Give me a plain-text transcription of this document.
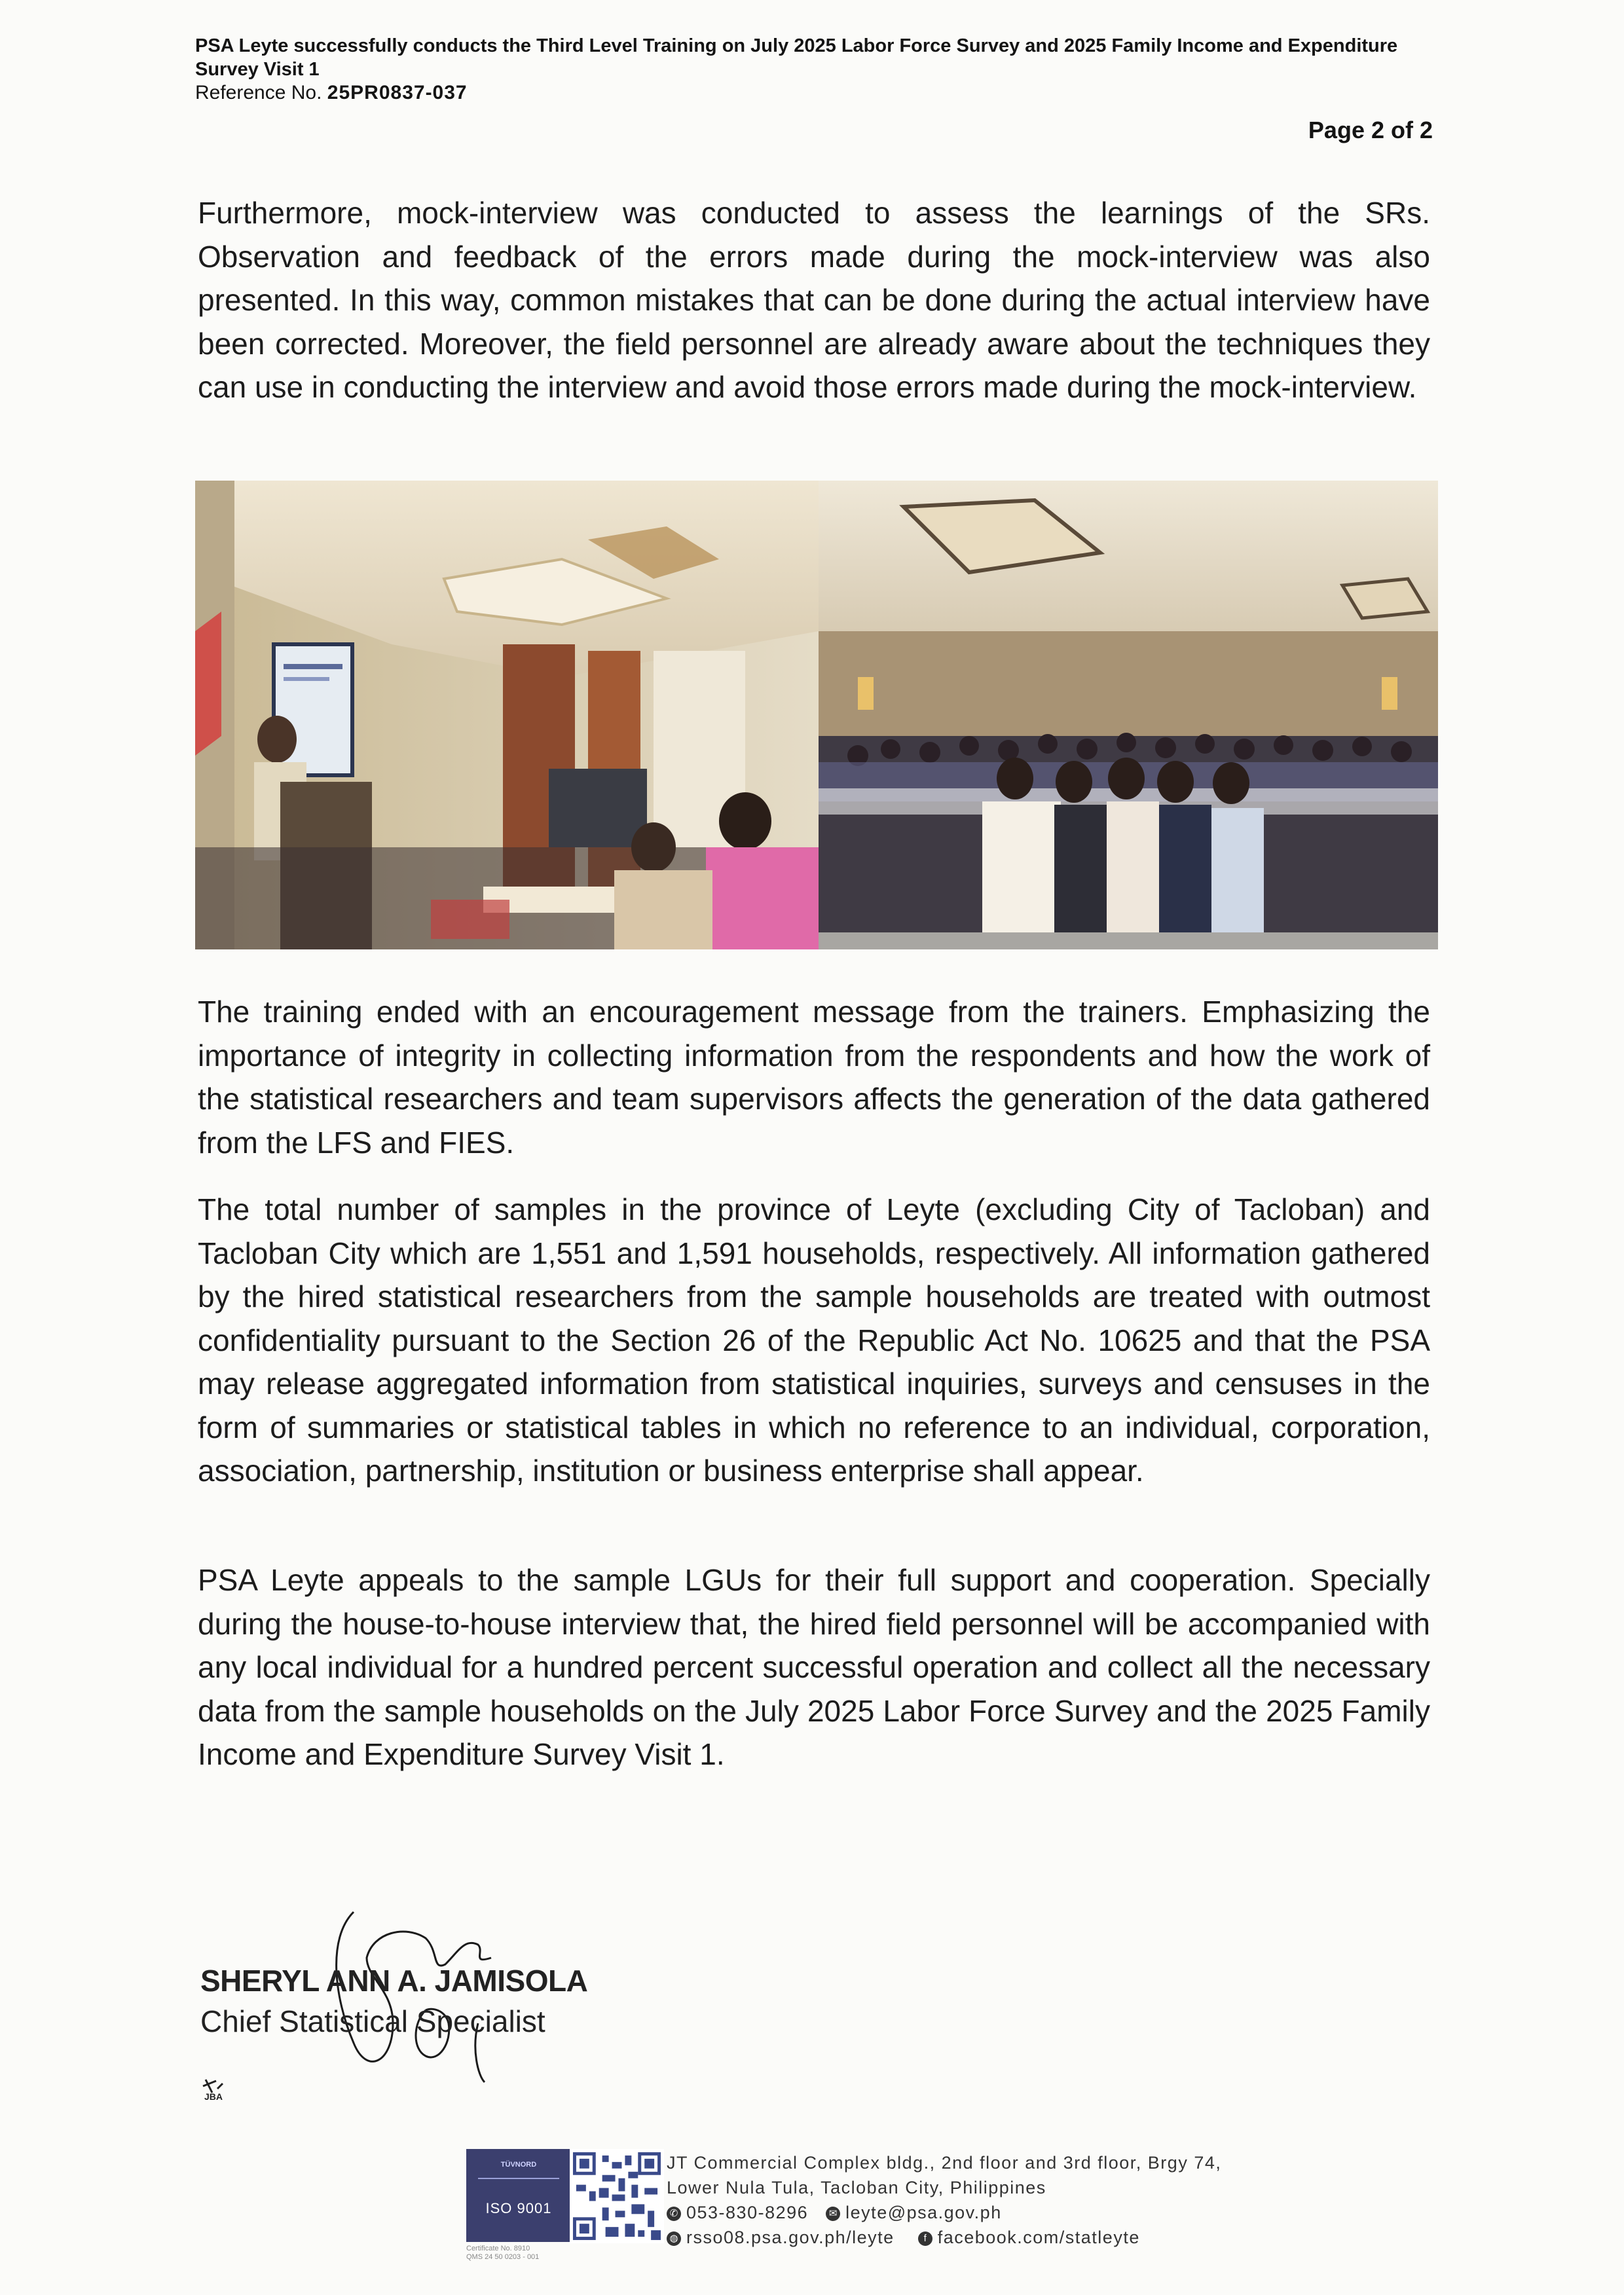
PSA Leyte successfully conducts the Third Level Training on July 2025 Labor Force Survey and 2025 Family Income and Expenditure Survey Visit 1
Reference No. 25PR0837-037
Page 2 of 2
Furthermore, mock-interview was conducted to assess the learnings of the SRs. Observation and feedback of the errors made during the mock-interview was also presented. In this way, common mistakes that can be done during the actual interview have been corrected. Moreover, the field personnel are already aware about the techniques they can use in conducting the interview and avoid those errors made during the mock-interview.
The training ended with an encouragement message from the trainers. Emphasizing the importance of integrity in collecting information from the respondents and how the work of the statistical researchers and team supervisors affects the generation of the data gathered from the LFS and FIES.
The total number of samples in the province of Leyte (excluding City of Tacloban) and Tacloban City which are 1,551 and 1,591 households, respectively. All information gathered by the hired statistical researchers from the sample households are treated with outmost confidentiality pursuant to the Section 26 of the Republic Act No. 10625 and that the PSA may release aggregated information from statistical inquiries, surveys and censuses in the form of summaries or statistical tables in which no reference to an individual, corporation, association, partnership, institution or business enterprise shall appear.
PSA Leyte appeals to the sample LGUs for their full support and cooperation. Specially during the house-to-house interview that, the hired field personnel will be accompanied with any local individual for a hundred percent successful operation and collect all the necessary data from the sample households on the July 2025 Labor Force Survey and the 2025 Family Income and Expenditure Survey Visit 1.
SHERYL ANN A. JAMISOLA
Chief Statistical Specialist
JBA
TÜVNORD
ISO 9001
Certificate No. 8910
QMS 24 50 0203 - 001
JT Commercial Complex bldg., 2nd floor and 3rd floor, Brgy 74,
Lower Nula Tula, Tacloban City, Philippines
✆ 053-830-8296 ✉ leyte@psa.gov.ph
◍ rsso08.psa.gov.ph/leyte	f facebook.com/statleyte
